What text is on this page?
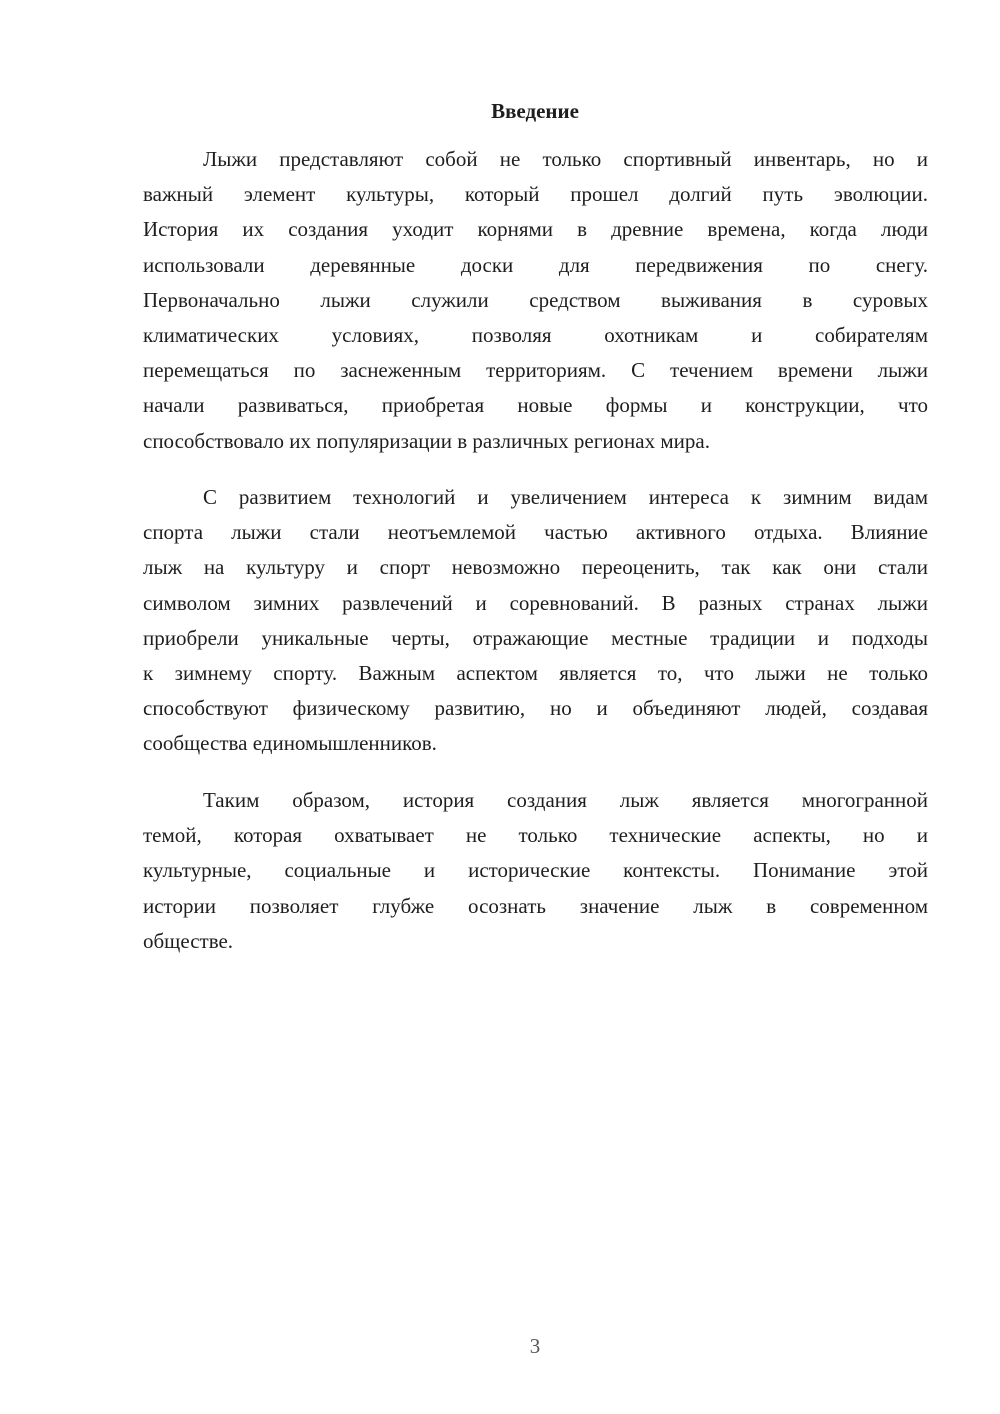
Введение
Лыжи представляют собой не только спортивный инвентарь, но и
важный элемент культуры, который прошел долгий путь эволюции.
История их создания уходит корнями в древние времена, когда люди
использовали деревянные доски для передвижения по снегу.
Первоначально лыжи служили средством выживания в суровых
климатических условиях, позволяя охотникам и собирателям
перемещаться по заснеженным территориям. С течением времени лыжи
начали развиваться, приобретая новые формы и конструкции, что
способствовало их популяризации в различных регионах мира.
С развитием технологий и увеличением интереса к зимним видам
спорта лыжи стали неотъемлемой частью активного отдыха. Влияние
лыж на культуру и спорт невозможно переоценить, так как они стали
символом зимних развлечений и соревнований. В разных странах лыжи
приобрели уникальные черты, отражающие местные традиции и подходы
к зимнему спорту. Важным аспектом является то, что лыжи не только
способствуют физическому развитию, но и объединяют людей, создавая
сообщества единомышленников.
Таким образом, история создания лыж является многогранной
темой, которая охватывает не только технические аспекты, но и
культурные, социальные и исторические контексты. Понимание этой
истории позволяет глубже осознать значение лыж в современном
обществе.
3
